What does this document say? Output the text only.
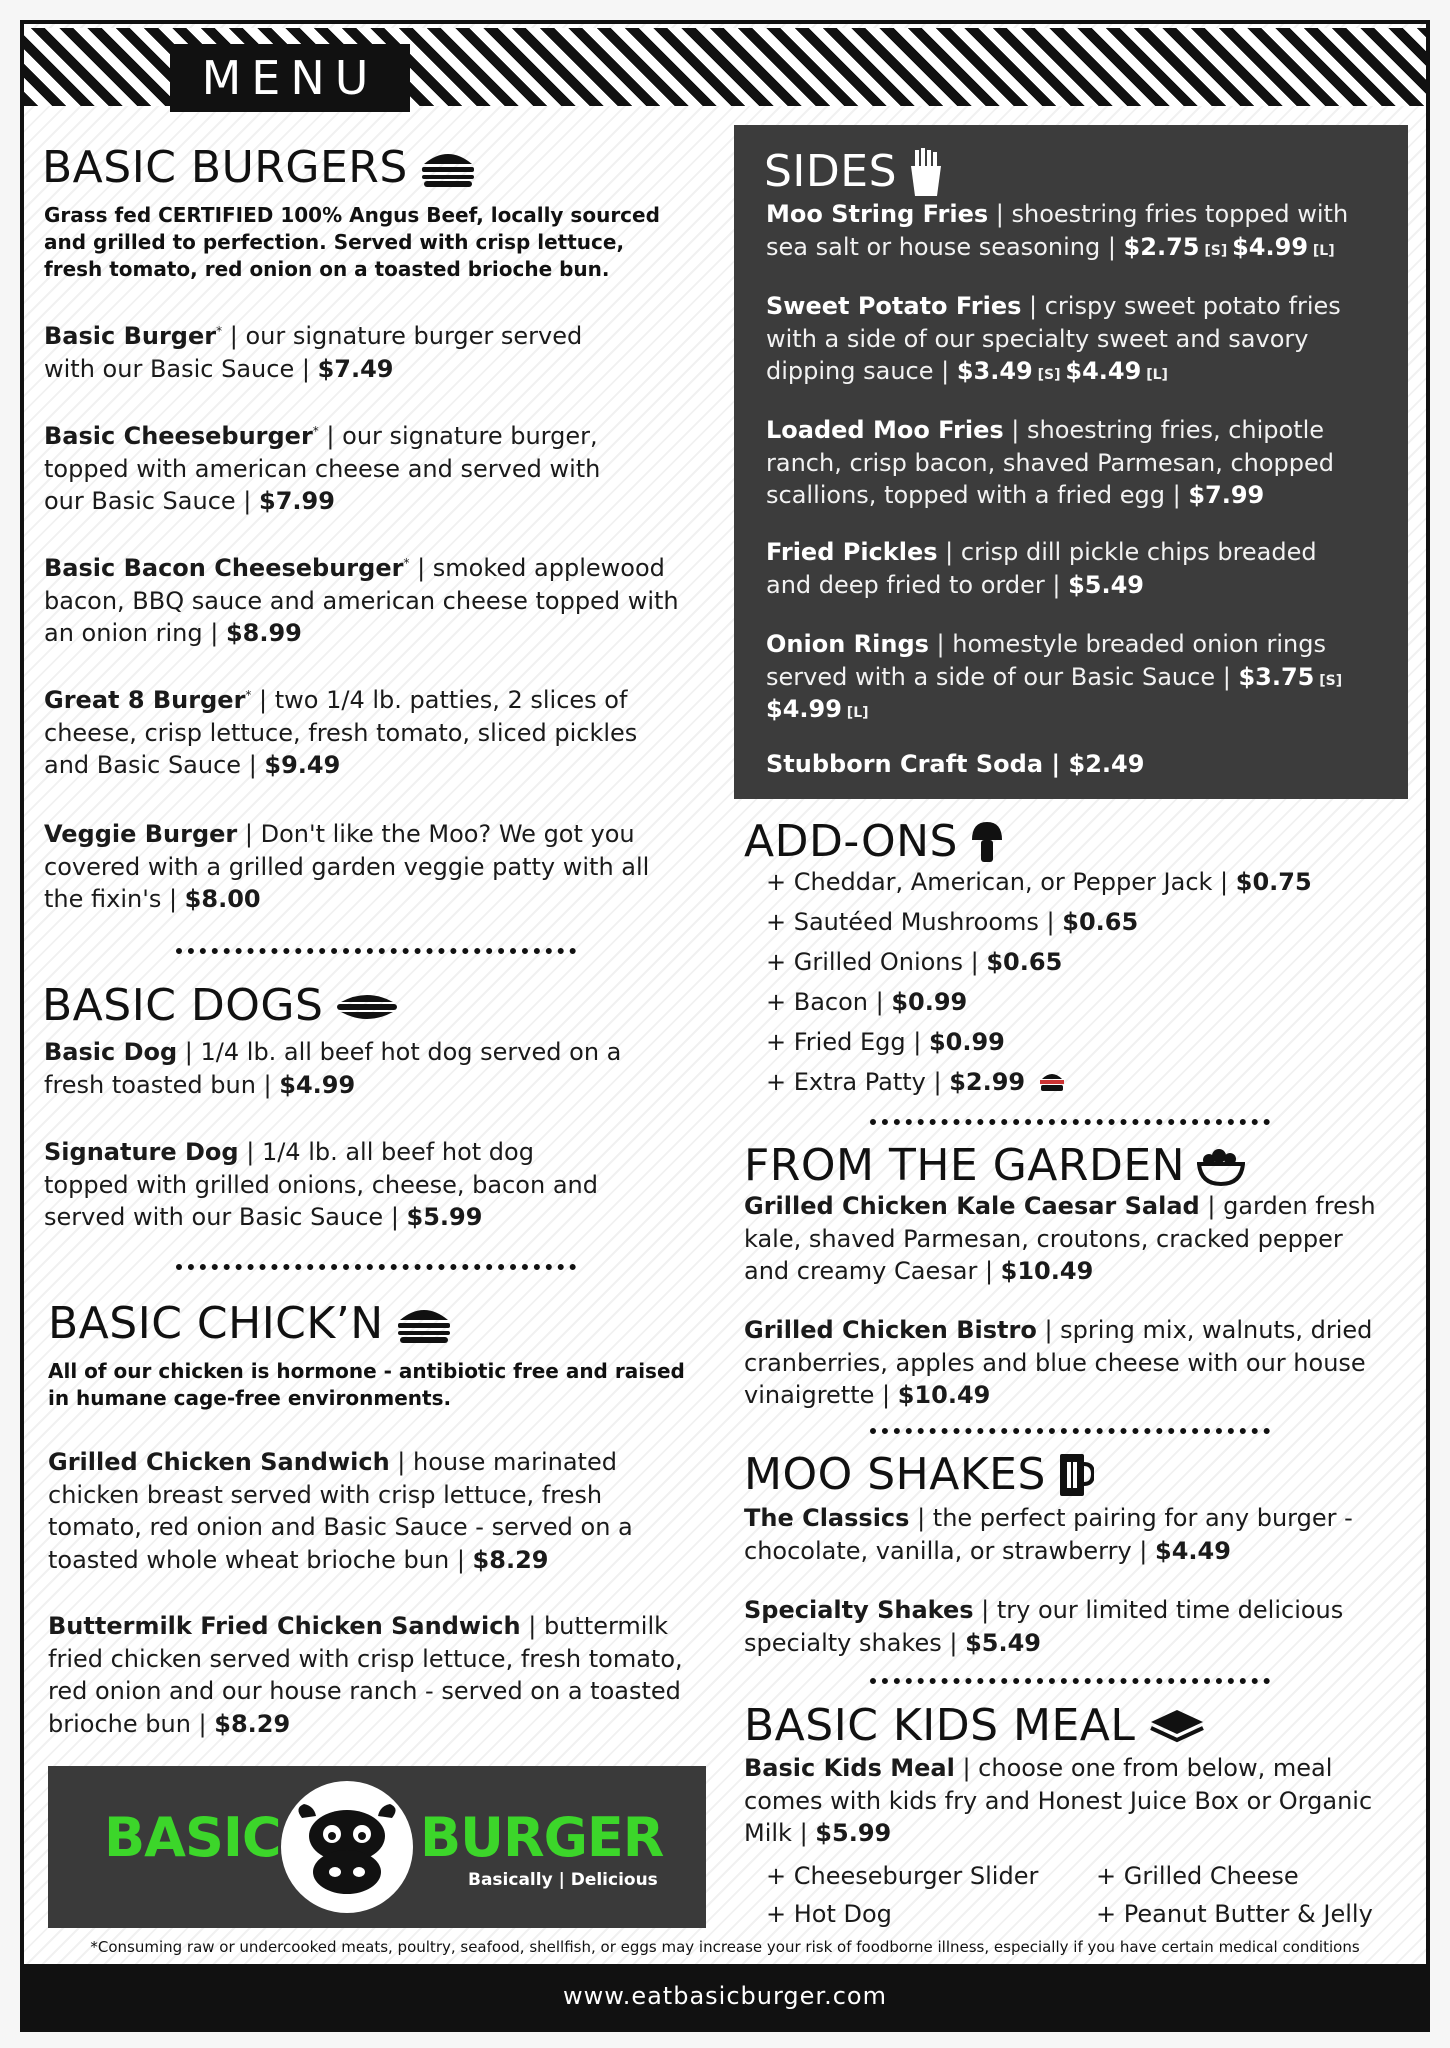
MENU
BASIC BURGERS
Grass fed CERTIFIED 100% Angus Beef, locally sourced and grilled to perfection. Served with crisp lettuce, fresh tomato, red onion on a toasted brioche bun.
Basic Burger* | our signature burger served with our Basic Sauce | $7.49
Basic Cheeseburger* | our signature burger, topped with american cheese and served with our Basic Sauce | $7.99
Basic Bacon Cheeseburger* | smoked applewood bacon, BBQ sauce and american cheese topped with an onion ring | $8.99
Great 8 Burger* | two 1/4 lb. patties, 2 slices of cheese, crisp lettuce, fresh tomato, sliced pickles and Basic Sauce | $9.49
Veggie Burger | Don't like the Moo? We got you covered with a grilled garden veggie patty with all the fixin's | $8.00
BASIC DOGS
Basic Dog | 1/4 lb. all beef hot dog served on a fresh toasted bun | $4.99
Signature Dog | 1/4 lb. all beef hot dog topped with grilled onions, cheese, bacon and served with our Basic Sauce | $5.99
BASIC CHICK’N
All of our chicken is hormone - antibiotic free and raised in humane cage-free environments.
Grilled Chicken Sandwich | house marinated chicken breast served with crisp lettuce, fresh tomato, red onion and Basic Sauce - served on a toasted whole wheat brioche bun | $8.29
Buttermilk Fried Chicken Sandwich | buttermilk fried chicken served with crisp lettuce, fresh tomato, red onion and our house ranch - served on a toasted brioche bun | $8.29
BASIC	BURGER
Basically | Delicious
SIDES
Moo String Fries | shoestring fries topped with sea salt or house seasoning | $2.75 [S] $4.99 [L]
Sweet Potato Fries | crispy sweet potato fries with a side of our specialty sweet and savory dipping sauce | $3.49 [S] $4.49 [L]
Loaded Moo Fries | shoestring fries, chipotle ranch, crisp bacon, shaved Parmesan, chopped scallions, topped with a fried egg | $7.99
Fried Pickles | crisp dill pickle chips breaded and deep fried to order | $5.49
Onion Rings | homestyle breaded onion rings served with a side of our Basic Sauce | $3.75 [S] $4.99 [L]
Stubborn Craft Soda | $2.49
ADD-ONS
+ Cheddar, American, or Pepper Jack | $0.75
+ Sautéed Mushrooms | $0.65
+ Grilled Onions | $0.65
+ Bacon | $0.99
+ Fried Egg | $0.99
+ Extra Patty | $2.99
FROM THE GARDEN
Grilled Chicken Kale Caesar Salad | garden fresh kale, shaved Parmesan, croutons, cracked pepper and creamy Caesar | $10.49
Grilled Chicken Bistro | spring mix, walnuts, dried cranberries, apples and blue cheese with our house vinaigrette | $10.49
MOO SHAKES
The Classics | the perfect pairing for any burger - chocolate, vanilla, or strawberry | $4.49
Specialty Shakes | try our limited time delicious specialty shakes | $5.49
BASIC KIDS MEAL
Basic Kids Meal | choose one from below, meal comes with kids fry and Honest Juice Box or Organic Milk | $5.99
+ Cheeseburger Slider + Grilled Cheese
+ Hot Dog	+ Peanut Butter & Jelly
*Consuming raw or undercooked meats, poultry, seafood, shellfish, or eggs may increase your risk of foodborne illness, especially if you have certain medical conditions
www.eatbasicburger.com
